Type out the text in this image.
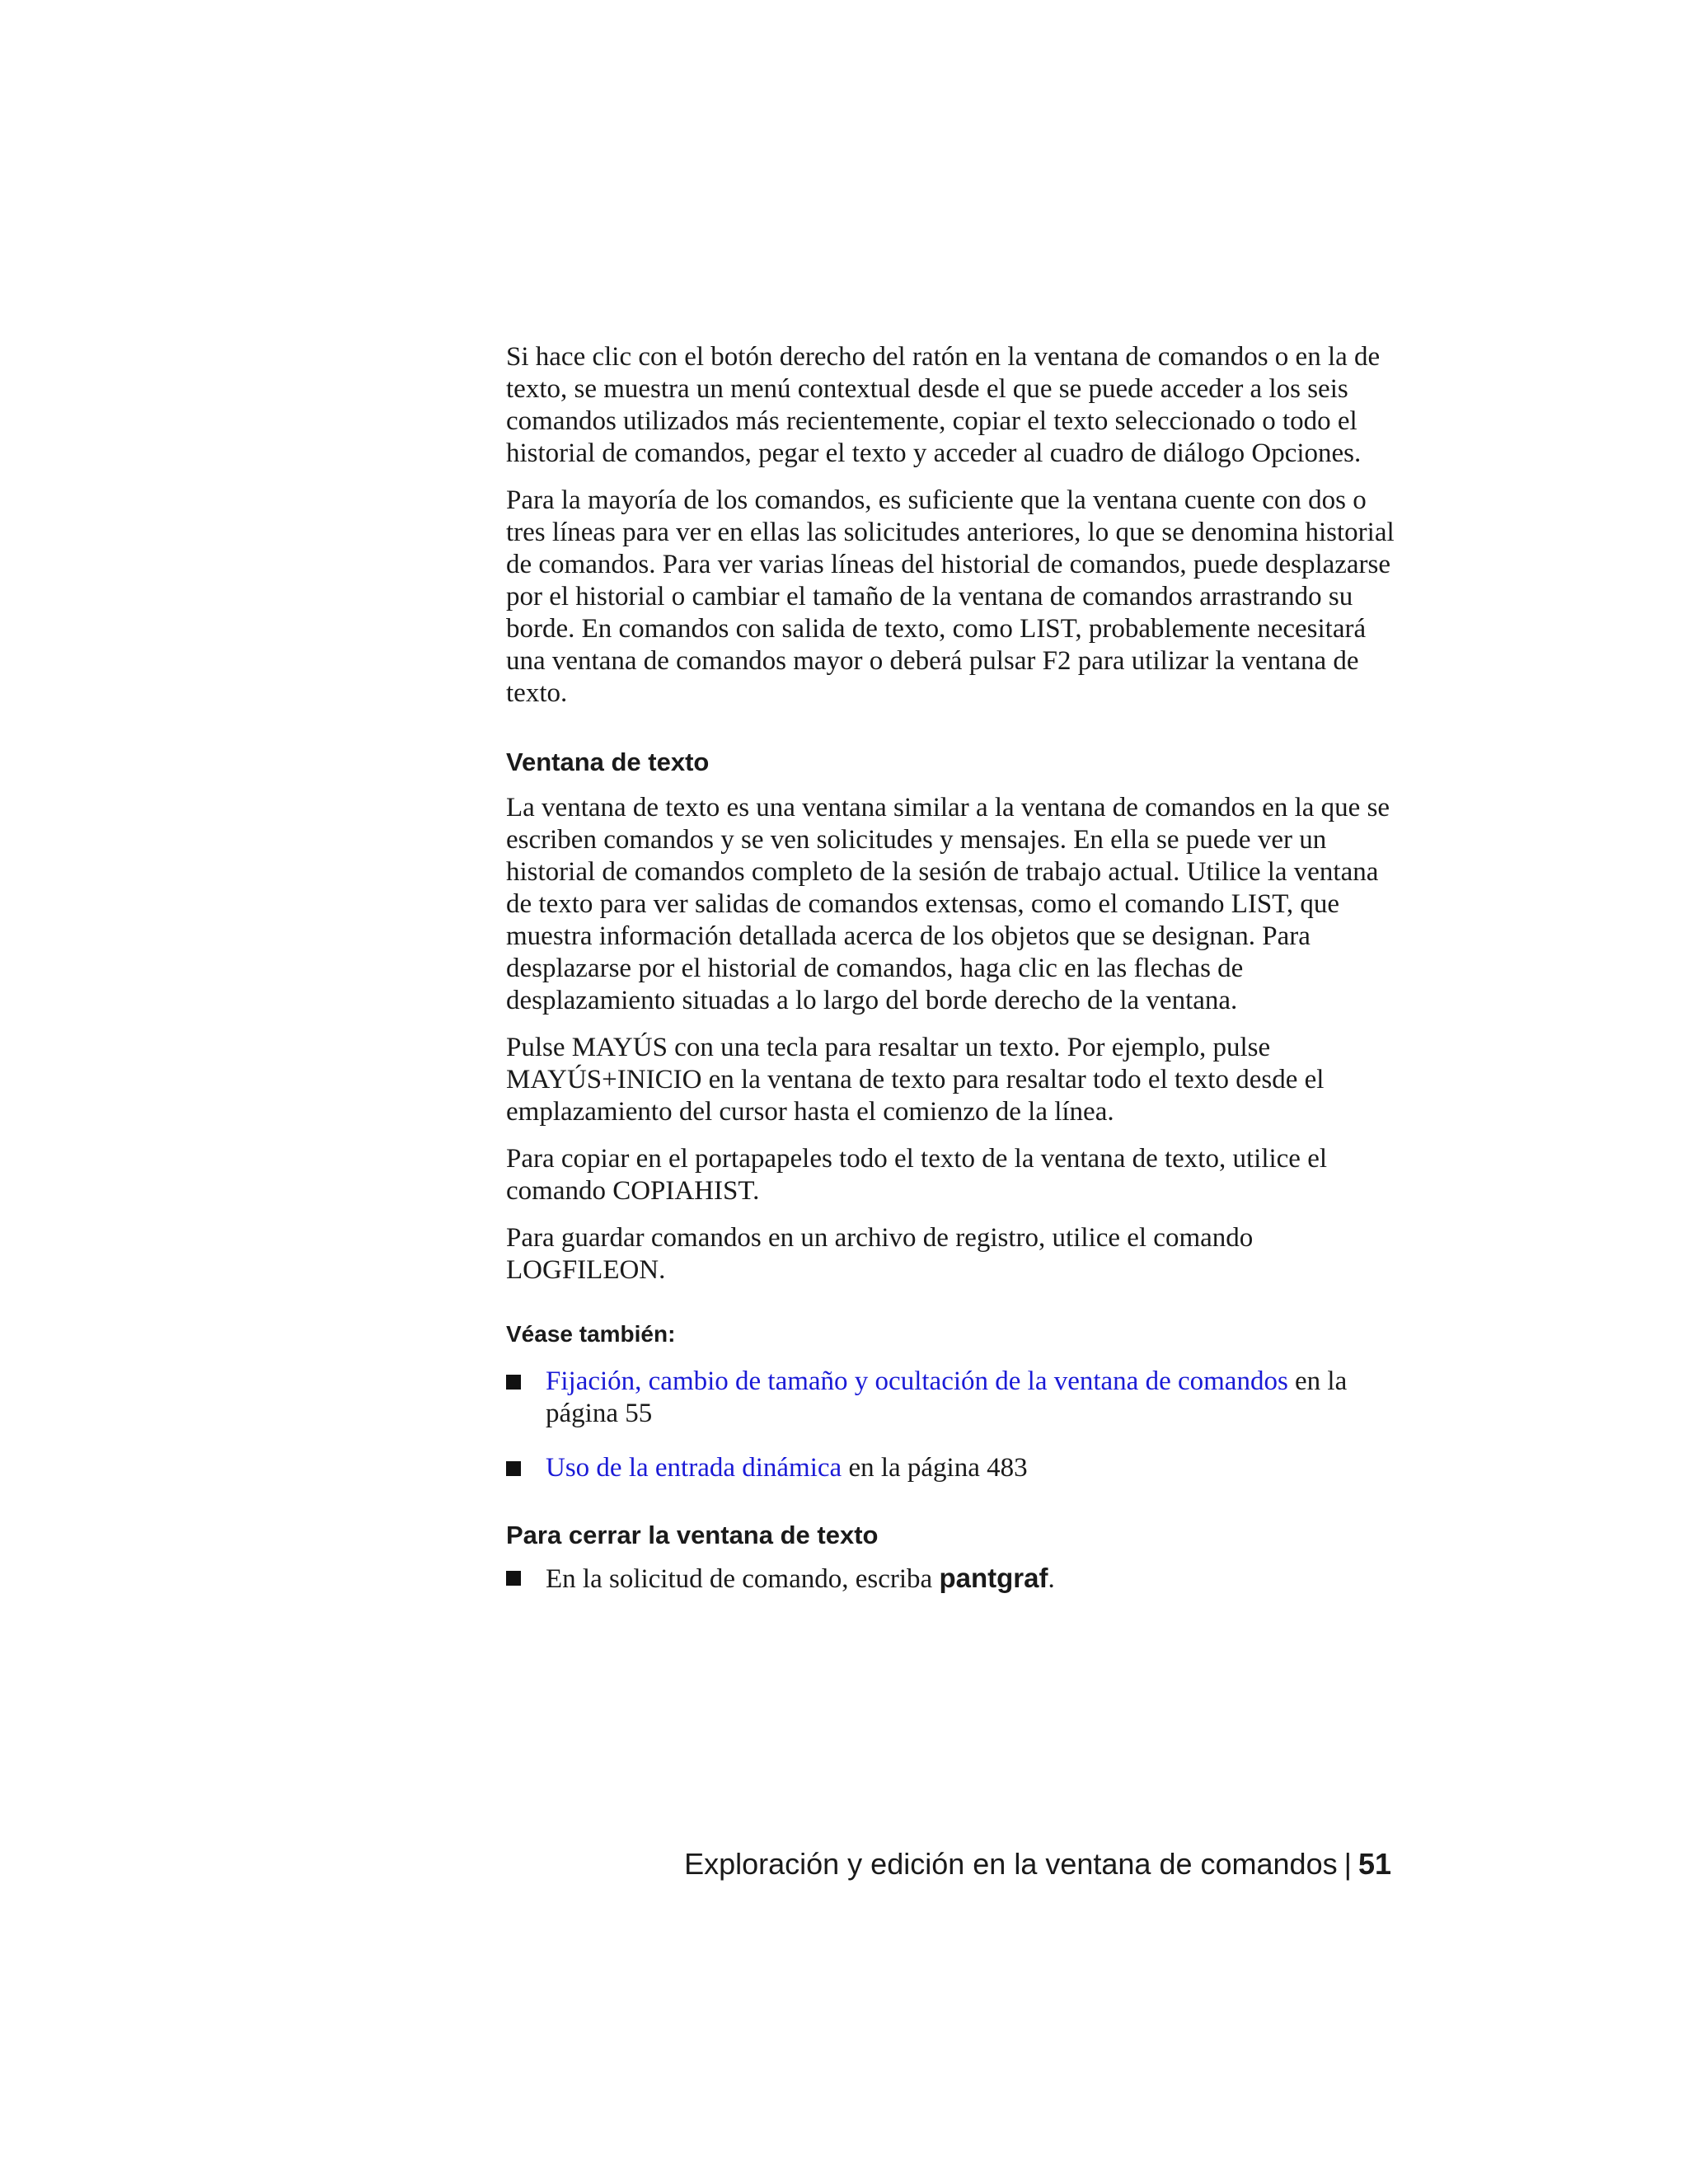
Si hace clic con el botón derecho del ratón en la ventana de comandos o en la de texto, se muestra un menú contextual desde el que se puede acceder a los seis comandos utilizados más recientemente, copiar el texto seleccionado o todo el historial de comandos, pegar el texto y acceder al cuadro de diálogo Opciones.

Para la mayoría de los comandos, es suficiente que la ventana cuente con dos o tres líneas para ver en ellas las solicitudes anteriores, lo que se denomina historial de comandos. Para ver varias líneas del historial de comandos, puede desplazarse por el historial o cambiar el tamaño de la ventana de comandos arrastrando su borde. En comandos con salida de texto, como LIST, probablemente necesitará una ventana de comandos mayor o deberá pulsar F2 para utilizar la ventana de texto.

Ventana de texto

La ventana de texto es una ventana similar a la ventana de comandos en la que se escriben comandos y se ven solicitudes y mensajes. En ella se puede ver un historial de comandos completo de la sesión de trabajo actual. Utilice la ventana de texto para ver salidas de comandos extensas, como el comando LIST, que muestra información detallada acerca de los objetos que se designan. Para desplazarse por el historial de comandos, haga clic en las flechas de desplazamiento situadas a lo largo del borde derecho de la ventana.

Pulse MAYÚS con una tecla para resaltar un texto. Por ejemplo, pulse MAYÚS+INICIO en la ventana de texto para resaltar todo el texto desde el emplazamiento del cursor hasta el comienzo de la línea.

Para copiar en el portapapeles todo el texto de la ventana de texto, utilice el comando COPIAHIST.

Para guardar comandos en un archivo de registro, utilice el comando LOGFILEON.

Véase también:
Fijación, cambio de tamaño y ocultación de la ventana de comandos en la página 55
Uso de la entrada dinámica en la página 483
Para cerrar la ventana de texto
En la solicitud de comando, escriba pantgraf.
Exploración y edición en la ventana de comandos | 51
